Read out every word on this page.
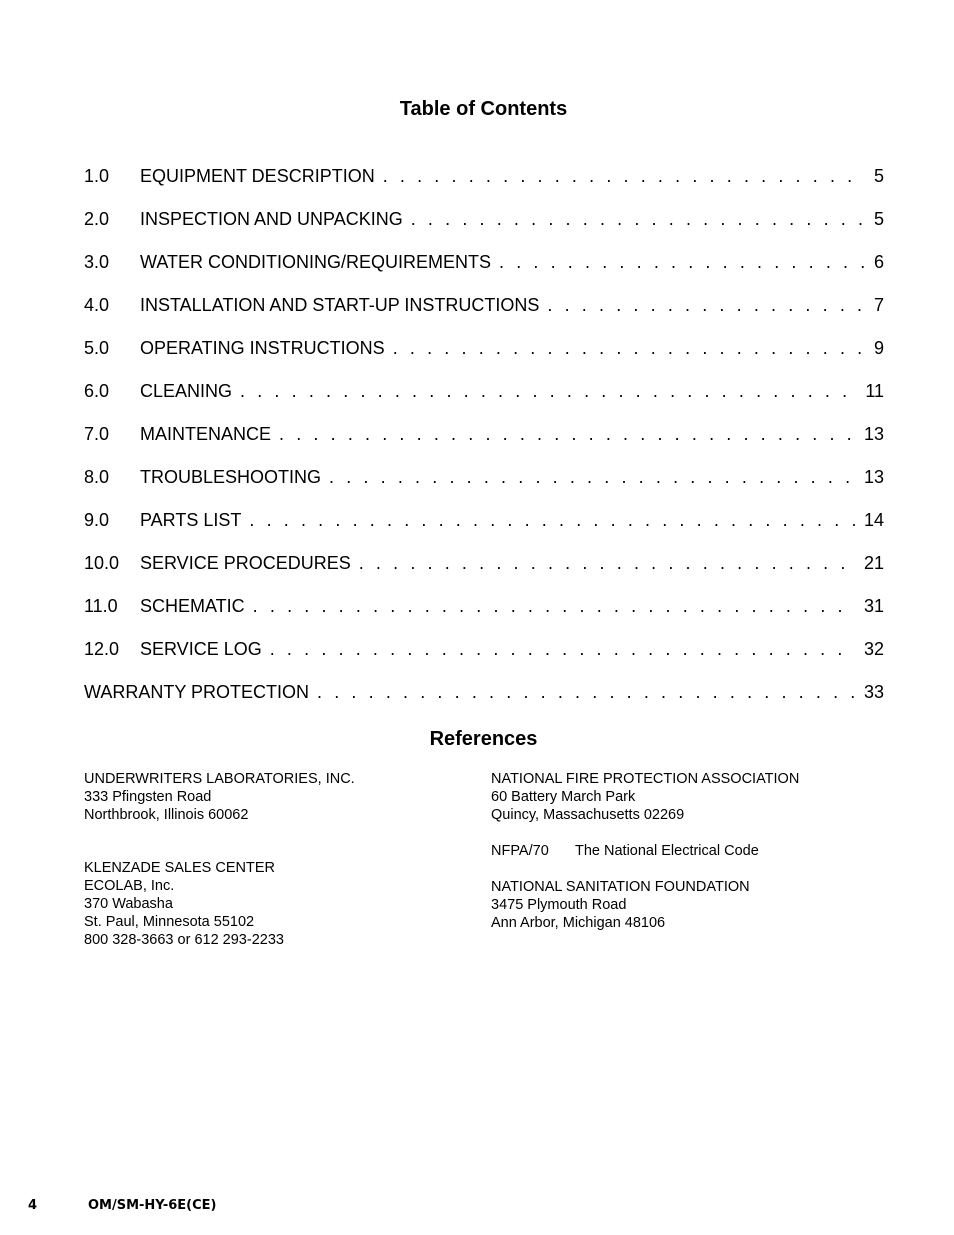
Table of Contents
1.0	EQUIPMENT DESCRIPTION . . .	5
2.0	INSPECTION AND UNPACKING . . .	5
3.0	WATER CONDITIONING/REQUIREMENTS . . .	6
4.0	INSTALLATION AND START-UP INSTRUCTIONS . . .	7
5.0	OPERATING INSTRUCTIONS . . .	9
6.0	CLEANING . . .	11
7.0	MAINTENANCE . . .	13
8.0	TROUBLESHOOTING . . .	13
9.0	PARTS LIST . . .	14
10.0	SERVICE PROCEDURES . . .	21
11.0	SCHEMATIC . . .	31
12.0	SERVICE LOG . . .	32
WARRANTY PROTECTION . . .	33
References
UNDERWRITERS LABORATORIES, INC.
333 Pfingsten Road
Northbrook, Illinois 60062
KLENZADE SALES CENTER
ECOLAB, Inc.
370 Wabasha
St. Paul, Minnesota 55102
800 328-3663 or 612 293-2233
NATIONAL FIRE PROTECTION ASSOCIATION
60 Battery March Park
Quincy, Massachusetts 02269
NFPA/70 The National Electrical Code
NATIONAL SANITATION FOUNDATION
3475 Plymouth Road
Ann Arbor, Michigan 48106
4	OM/SM-HY-6E(CE)
